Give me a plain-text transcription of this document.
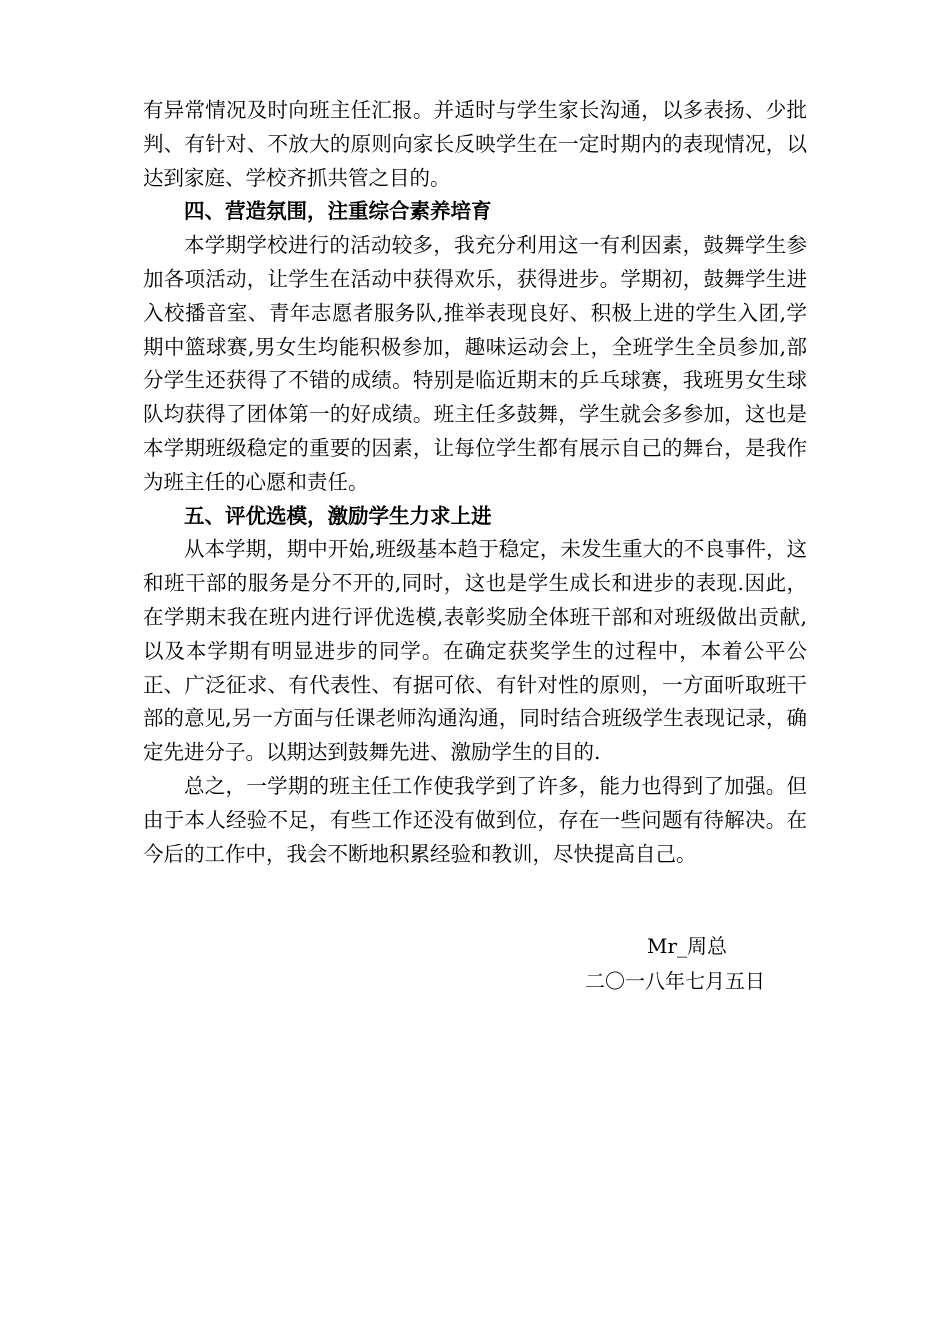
有异常情况及时向班主任汇报。并适时与学生家长沟通，以多表扬、少批判、有针对、不放大的原则向家长反映学生在一定时期内的表现情况，以达到家庭、学校齐抓共管之目的。

四、营造氛围，注重综合素养培育

本学期学校进行的活动较多，我充分利用这一有利因素，鼓舞学生参加各项活动，让学生在活动中获得欢乐，获得进步。学期初，鼓舞学生进入校播音室、青年志愿者服务队,推举表现良好、积极上进的学生入团,学期中篮球赛,男女生均能积极参加，趣味运动会上，全班学生全员参加,部分学生还获得了不错的成绩。特别是临近期末的乒乓球赛，我班男女生球队均获得了团体第一的好成绩。班主任多鼓舞，学生就会多参加，这也是本学期班级稳定的重要的因素，让每位学生都有展示自己的舞台，是我作为班主任的心愿和责任。

五、评优选模，激励学生力求上进

从本学期，期中开始,班级基本趋于稳定，未发生重大的不良事件，这和班干部的服务是分不开的,同时，这也是学生成长和进步的表现.因此，在学期末我在班内进行评优选模,表彰奖励全体班干部和对班级做出贡献,以及本学期有明显进步的同学。在确定获奖学生的过程中，本着公平公正、广泛征求、有代表性、有据可依、有针对性的原则，一方面听取班干部的意见,另一方面与任课老师沟通沟通，同时结合班级学生表现记录，确定先进分子。以期达到鼓舞先进、激励学生的目的.

总之，一学期的班主任工作使我学到了许多，能力也得到了加强。但由于本人经验不足，有些工作还没有做到位，存在一些问题有待解决。在今后的工作中，我会不断地积累经验和教训，尽快提高自己。

Mr_周总
二〇一八年七月五日
